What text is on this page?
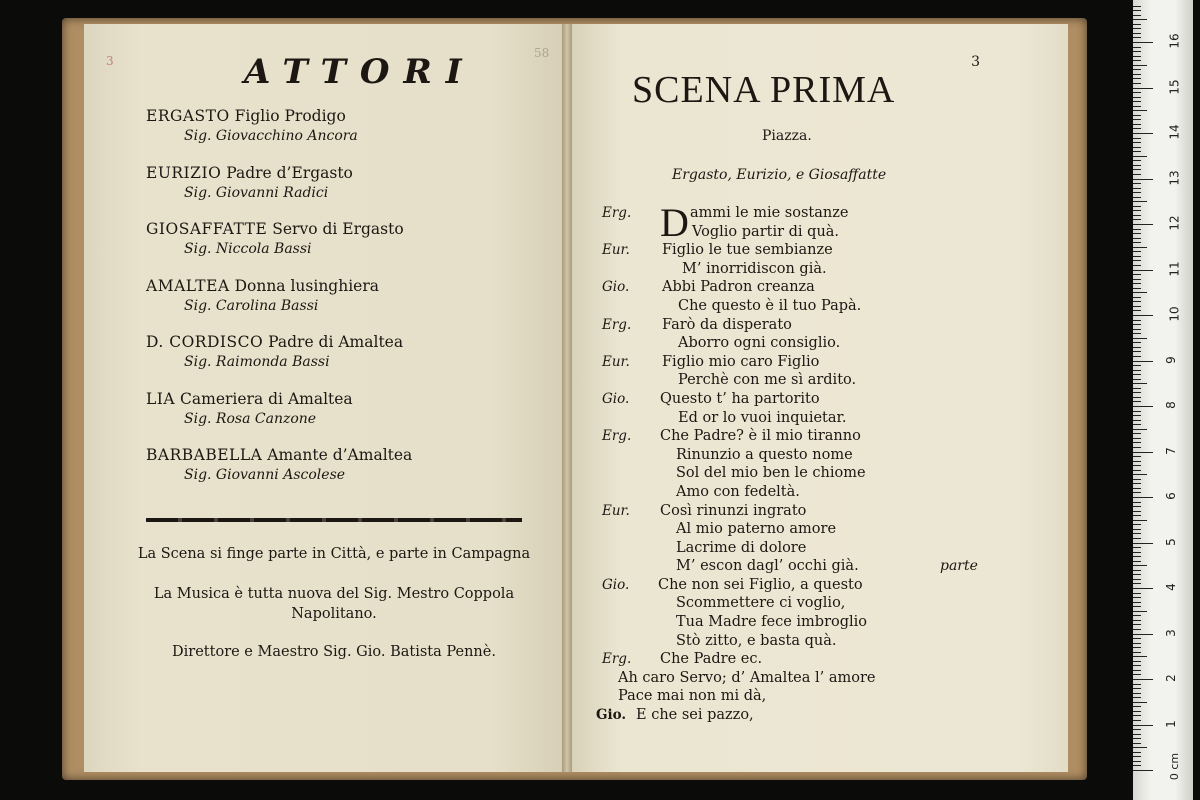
3
58
ATTORI
ERGASTO Figlio Prodigo
Sig. Giovacchino Ancora
EURIZIO Padre d’Ergasto
Sig. Giovanni Radici
GIOSAFFATTE Servo di Ergasto
Sig. Niccola Bassi
AMALTEA Donna lusinghiera
Sig. Carolina Bassi
D. CORDISCO Padre di Amaltea
Sig. Raimonda Bassi
LIA Cameriera di Amaltea
Sig. Rosa Canzone
BARBABELLA Amante d’Amaltea
Sig. Giovanni Ascolese
La Scena si finge parte in Città, e parte in Campagna
La Musica è tutta nuova del Sig. Mestro Coppola
Napolitano.
Direttore e Maestro Sig. Gio. Batista Pennè.
3
SCENA PRIMA
Piazza.
Ergasto, Eurizio, e Giosaffatte
D
Erg.	ammi le mie sostanze
Voglio partir di quà.
Eur. Figlio le tue sembianze
M’ inorridiscon già.
Gio. Abbi Padron creanza
Che questo è il tuo Papà.
Erg. Farò da disperato
Aborro ogni consiglio.
Eur. Figlio mio caro Figlio
Perchè con me sì ardito.
Gio. Questo t’ ha partorito
Ed or lo vuoi inquietar.
Erg. Che Padre? è il mio tiranno
Rinunzio a questo nome
Sol del mio ben le chiome
Amo con fedeltà.
Eur. Così rinunzi ingrato
Al mio paterno amore
Lacrime di dolore
M’ escon dagl’ occhi già.	parte
Gio. Che non sei Figlio, a questo
Scommettere ci voglio,
Tua Madre fece imbroglio
Stò zitto, e basta quà.
Erg. Che Padre ec.
Ah caro Servo; d’ Amaltea l’ amore
Pace mai non mi dà,
Gio. E che sei pazzo,
1
2
3
4
5
6
7
8
9
10
11
12
13
14
15
16
0 cm
